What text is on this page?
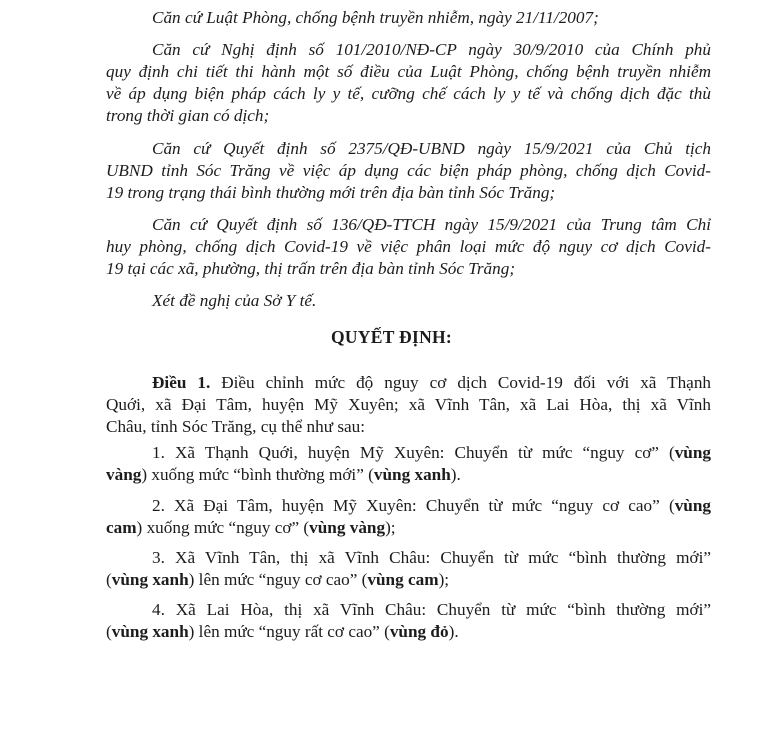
Căn cứ Luật Phòng, chống bệnh truyền nhiễm, ngày 21/11/2007;
Căn cứ Nghị định số 101/2010/NĐ-CP ngày 30/9/2010 của Chính phủ
quy định chi tiết thi hành một số điều của Luật Phòng, chống bệnh truyền nhiễm
về áp dụng biện pháp cách ly y tế, cưỡng chế cách ly y tế và chống dịch đặc thù
trong thời gian có dịch;
Căn cứ Quyết định số 2375/QĐ-UBND ngày 15/9/2021 của Chủ tịch
UBND tỉnh Sóc Trăng về việc áp dụng các biện pháp phòng, chống dịch Covid-
19 trong trạng thái bình thường mới trên địa bàn tỉnh Sóc Trăng;
Căn cứ Quyết định số 136/QĐ-TTCH ngày 15/9/2021 của Trung tâm Chỉ
huy phòng, chống dịch Covid-19 về việc phân loại mức độ nguy cơ dịch Covid-
19 tại các xã, phường, thị trấn trên địa bàn tỉnh Sóc Trăng;
Xét đề nghị của Sở Y tế.
QUYẾT ĐỊNH:
Điều 1. Điều chỉnh mức độ nguy cơ dịch Covid-19 đối với xã Thạnh
Quới, xã Đại Tâm, huyện Mỹ Xuyên; xã Vĩnh Tân, xã Lai Hòa, thị xã Vĩnh
Châu, tỉnh Sóc Trăng, cụ thể như sau:
1. Xã Thạnh Quới, huyện Mỹ Xuyên: Chuyển từ mức “nguy cơ” (vùng
vàng) xuống mức “bình thường mới” (vùng xanh).
2. Xã Đại Tâm, huyện Mỹ Xuyên: Chuyển từ mức “nguy cơ cao” (vùng
cam) xuống mức “nguy cơ” (vùng vàng);
3. Xã Vĩnh Tân, thị xã Vĩnh Châu: Chuyển từ mức “bình thường mới”
(vùng xanh) lên mức “nguy cơ cao” (vùng cam);
4. Xã Lai Hòa, thị xã Vĩnh Châu: Chuyển từ mức “bình thường mới”
(vùng xanh) lên mức “nguy rất cơ cao” (vùng đỏ).
